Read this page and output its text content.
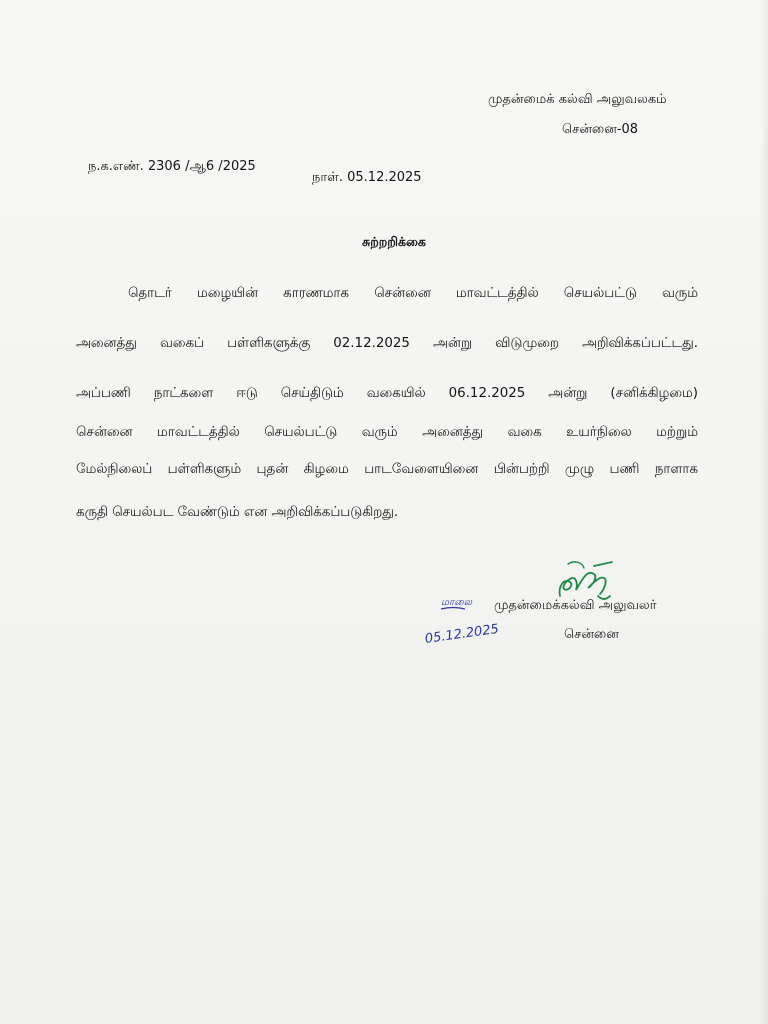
முதன்மைக் கல்வி அலுவலகம்
சென்னை-08
ந.க.எண். 2306 /ஆ6 /2025
நாள். 05.12.2025
சுற்றறிக்கை
தொடர் மழையின் காரணமாக சென்னை மாவட்டத்தில் செயல்பட்டு வரும்
அனைத்து வகைப் பள்ளிகளுக்கு 02.12.2025 அன்று விடுமுறை அறிவிக்கப்பட்டது.
அப்பணி நாட்களை ஈடு செய்திடும் வகையில் 06.12.2025 அன்று (சனிக்கிழமை)
சென்னை மாவட்டத்தில் செயல்பட்டு வரும் அனைத்து வகை உயர்நிலை மற்றும்
மேல்நிலைப் பள்ளிகளும் புதன் கிழமை பாடவேளையினை பின்பற்றி முழு பணி நாளாக
கருதி செயல்பட வேண்டும் என அறிவிக்கப்படுகிறது.
மாலை
05.12.2025
முதன்மைக்கல்வி அலுவலர்
சென்னை
